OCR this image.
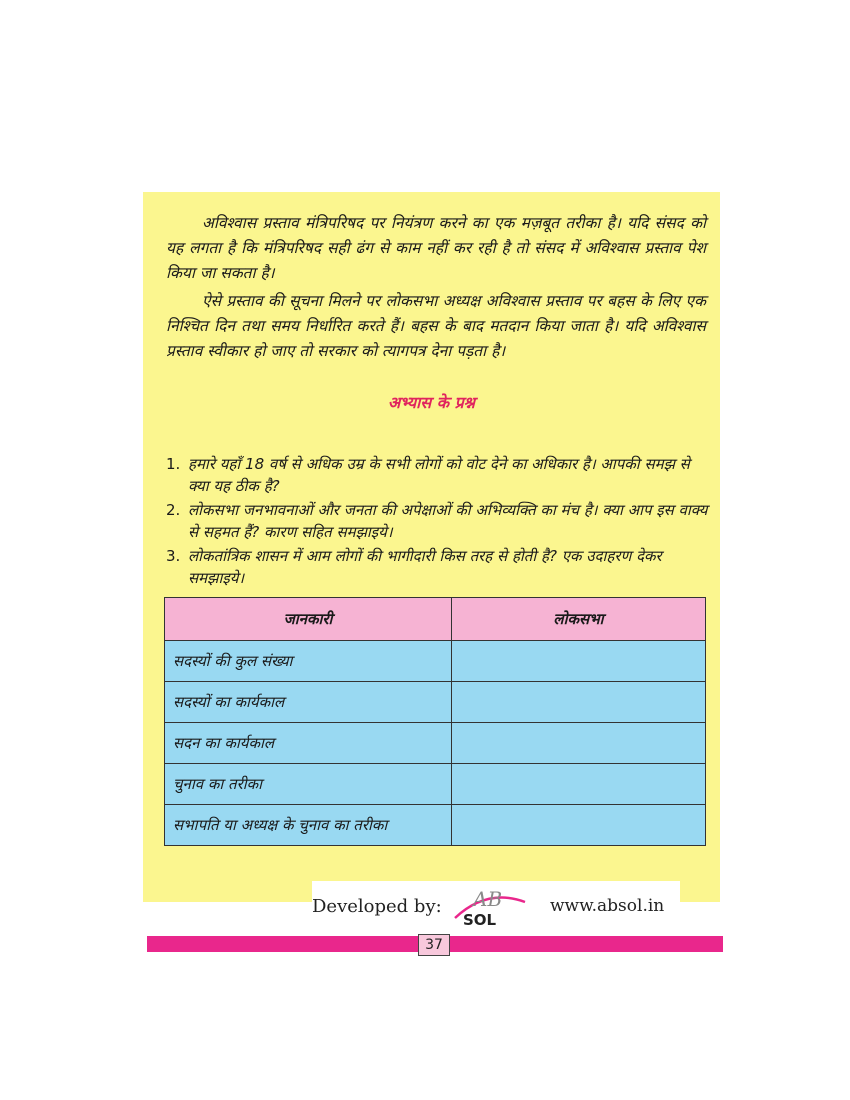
अविश्वास प्रस्ताव मंत्रिपरिषद पर नियंत्रण करने का एक मज़बूत तरीका है। यदि संसद को यह लगता है कि मंत्रिपरिषद सही ढंग से काम नहीं कर रही है तो संसद में अविश्वास प्रस्ताव पेश किया जा सकता है।

ऐसे प्रस्ताव की सूचना मिलने पर लोकसभा अध्यक्ष अविश्वास प्रस्ताव पर बहस के लिए एक निश्चित दिन तथा समय निर्धारित करते हैं। बहस के बाद मतदान किया जाता है। यदि अविश्वास प्रस्ताव स्वीकार हो जाए तो सरकार को त्यागपत्र देना पड़ता है।

अभ्यास के प्रश्न
1. हमारे यहाँ 18 वर्ष से अधिक उम्र के सभी लोगों को वोट देने का अधिकार है। आपकी समझ से क्या यह ठीक है?
2. लोकसभा जनभावनाओं और जनता की अपेक्षाओं की अभिव्यक्ति का मंच है। क्या आप इस वाक्य से सहमत हैं? कारण सहित समझाइये।
3. लोकतांत्रिक शासन में आम लोगों की भागीदारी किस तरह से होती है? एक उदाहरण देकर समझाइये।
जानकारी	लोकसभा
सदस्यों की कुल संख्या	
सदस्यों का कार्यकाल	
सदन का कार्यकाल	
चुनाव का तरीका	
सभापति या अध्यक्ष के चुनाव का तरीका	
Developed by: AB
SOL
www.absol.in
37
